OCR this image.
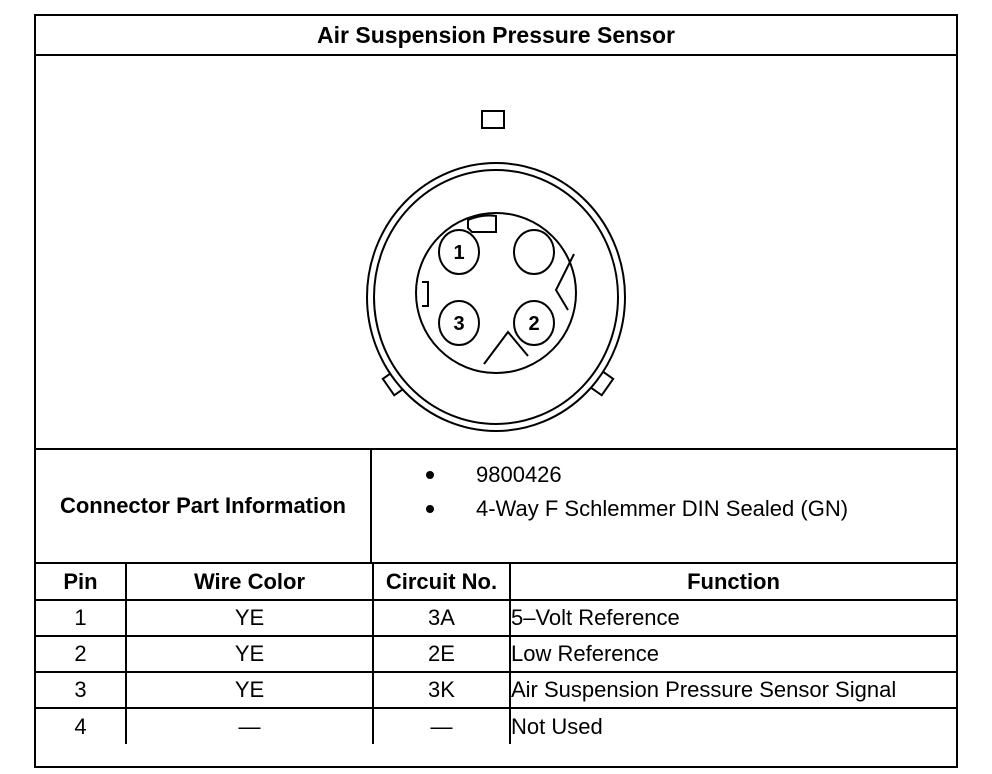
Air Suspension Pressure Sensor
1
2
3
Connector Part Information
9800426
4-Way F Schlemmer DIN Sealed (GN)
Pin	Wire Color	Circuit No.	Function
1	YE	3A	5–Volt Reference
2	YE	2E	Low Reference
3	YE	3K	Air Suspension Pressure Sensor Signal
4	—	—	Not Used
